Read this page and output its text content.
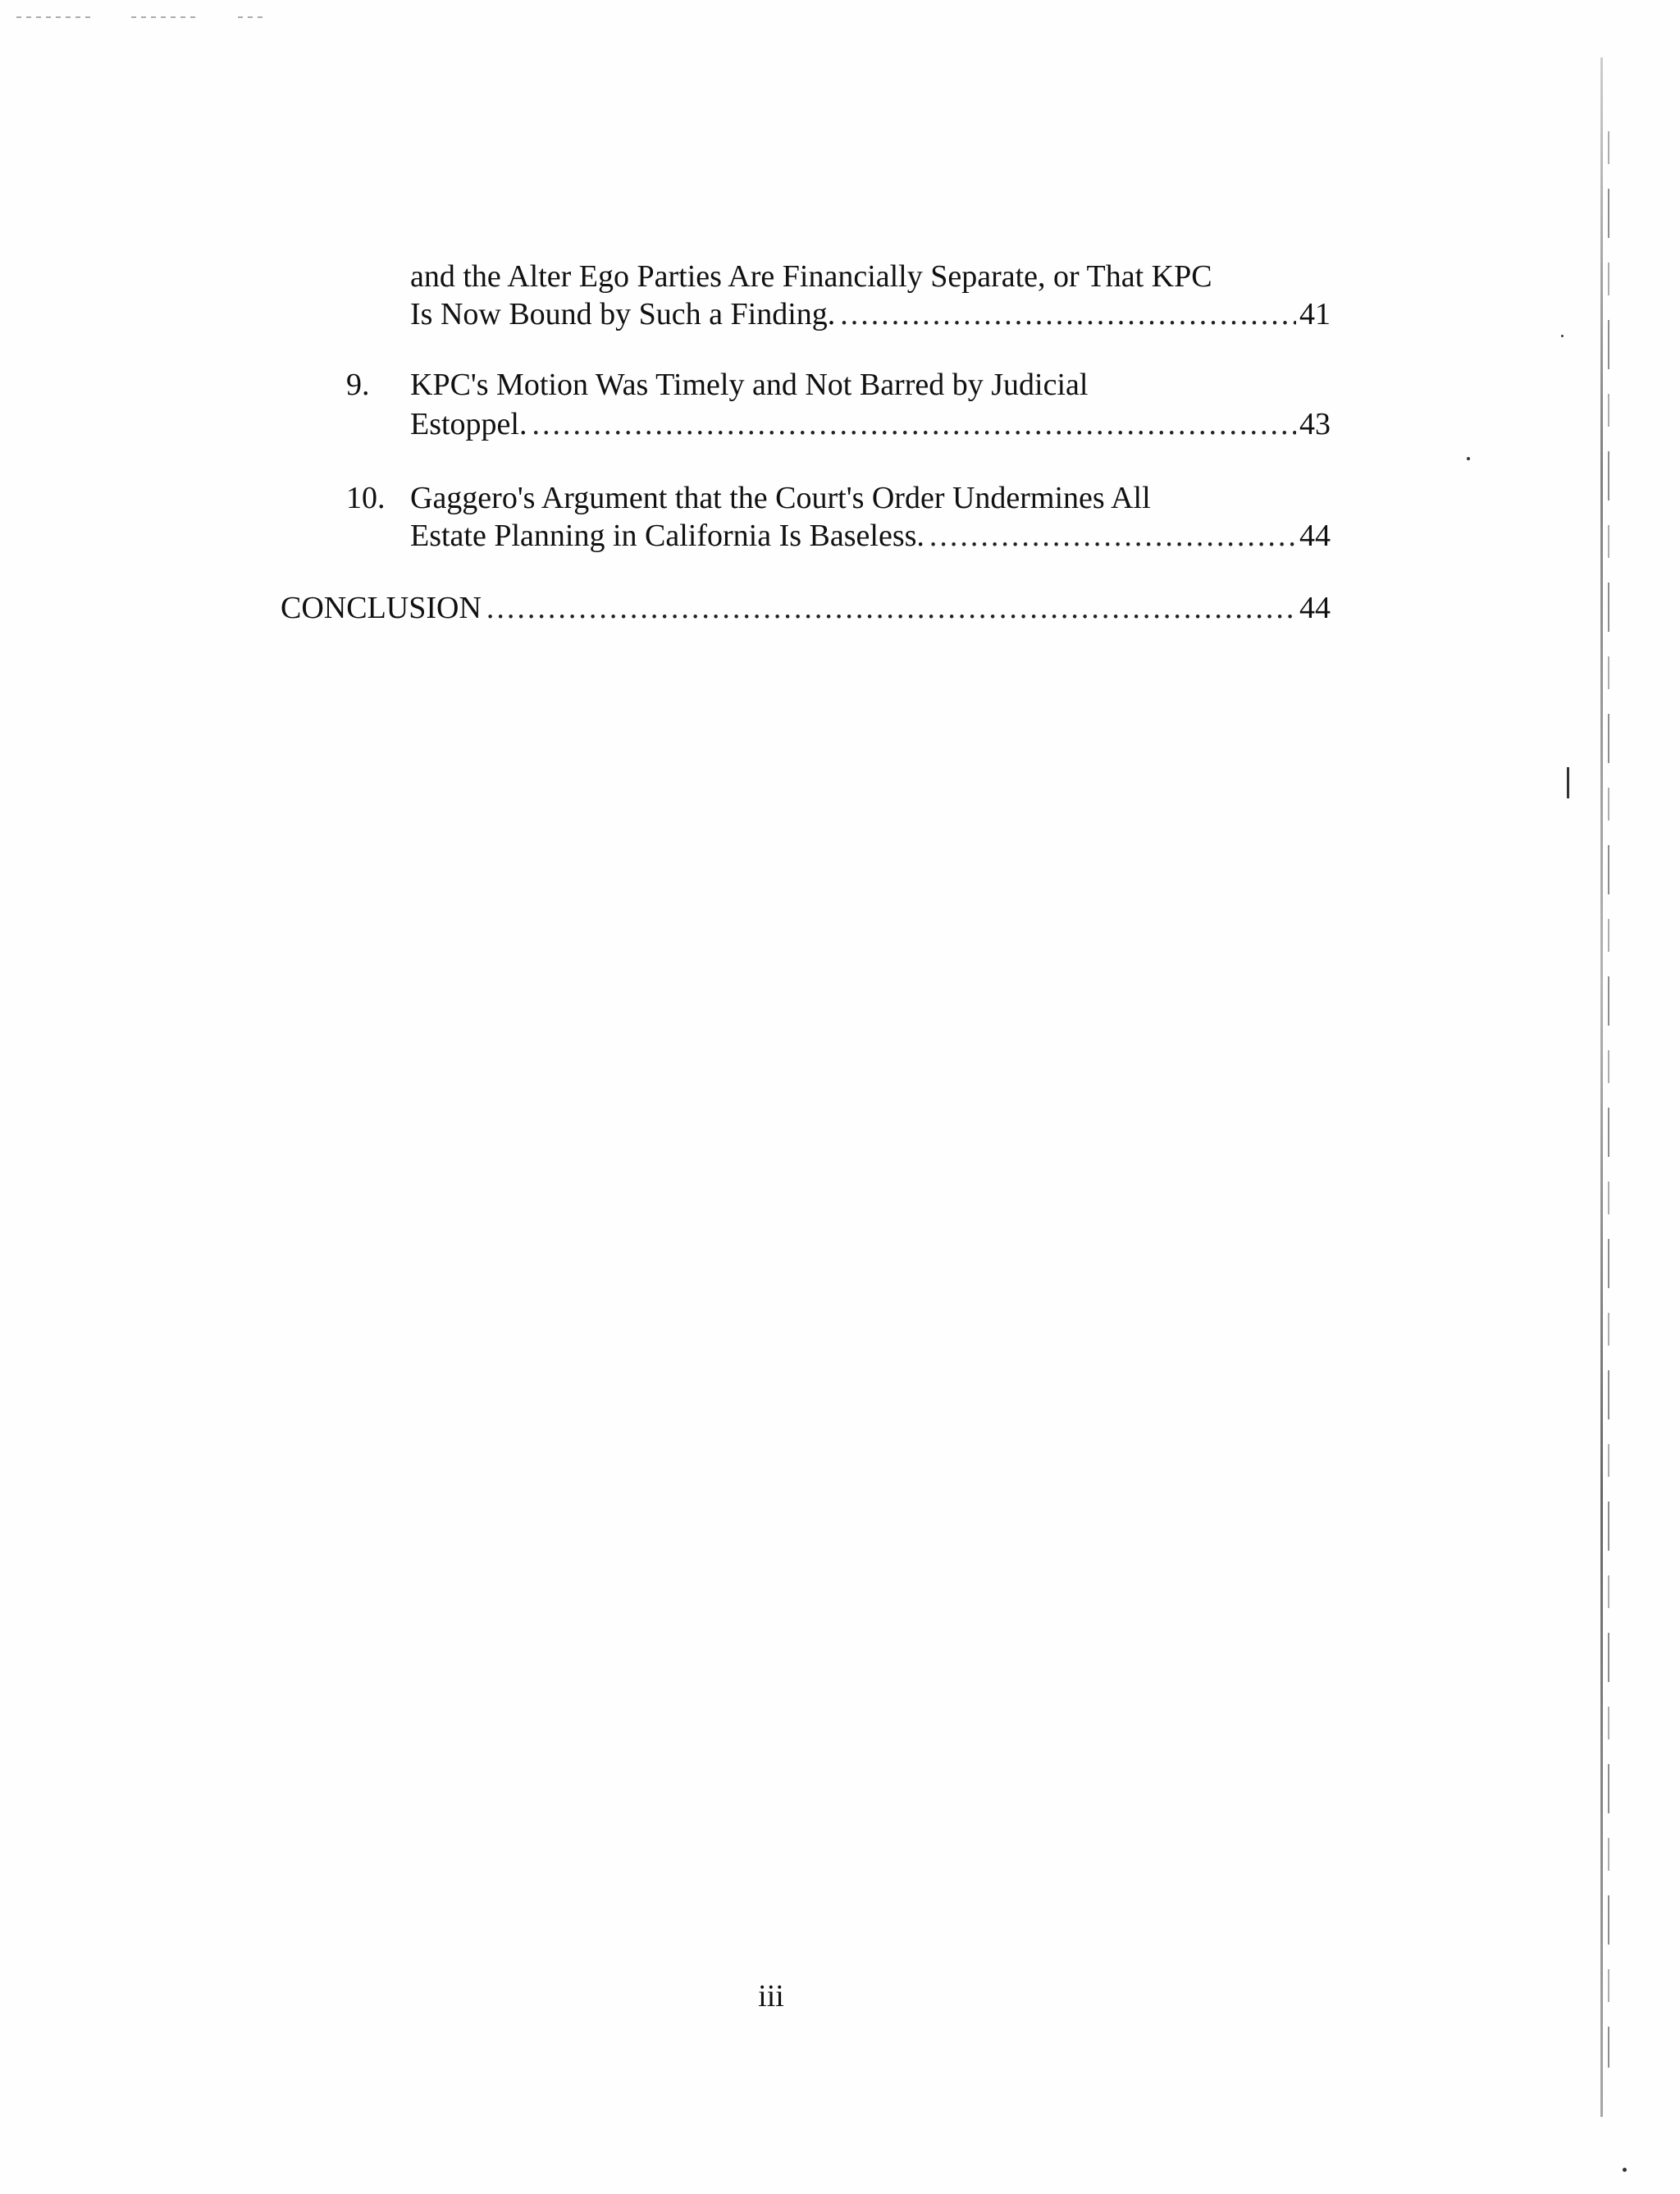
and the Alter Ego Parties Are Financially Separate, or That KPC
Is Now Bound by Such a Finding. .....	41
9. KPC's Motion Was Timely and Not Barred by Judicial
Estoppel. .....	43
10. Gaggero's Argument that the Court's Order Undermines All
Estate Planning in California Is Baseless. .....	44
CONCLUSION .....	44
iii
